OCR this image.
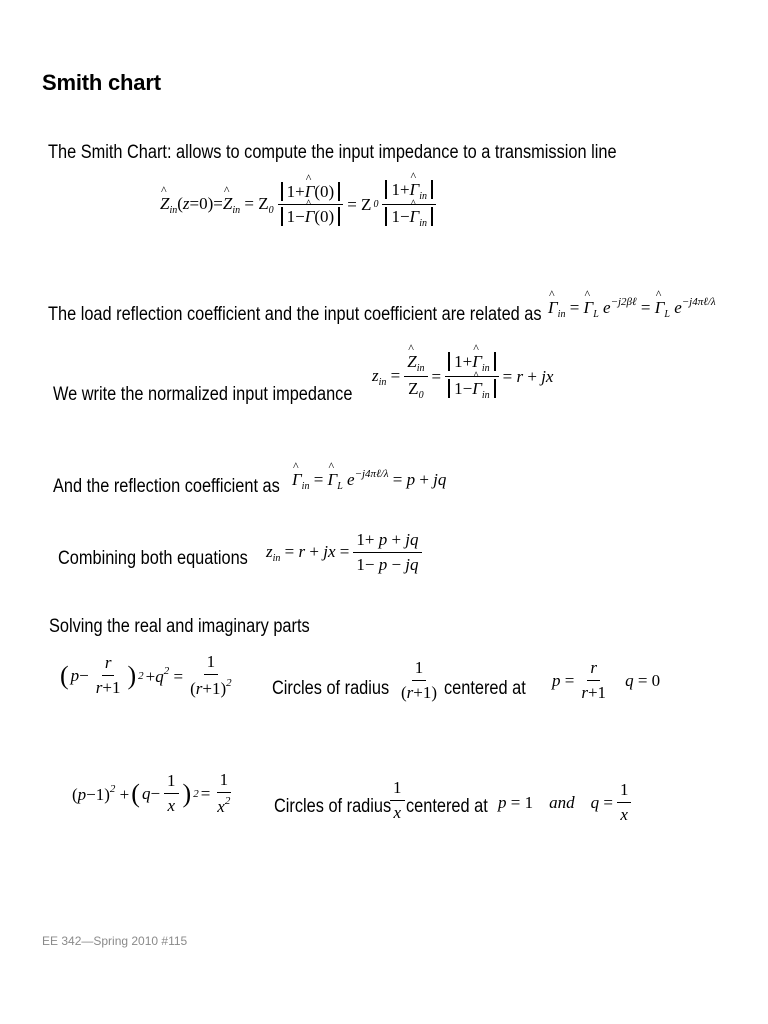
Smith chart
The Smith Chart: allows to compute the input impedance to a transmission line
^ $Z_{in}(z=0)=\^{}$ $Z_{in} = Z_0 \frac{1+\^{} \Gamma(0)}{1-\^{} \Gamma(0)} = Z$ $0 \frac{1+\^{} \Gamma_{in}}{1-\^{} \Gamma_{in}}$
The load reflection coefficient and the input coefficient are related as ^ $\Gamma_{in}$ = ^ $\Gamma_L$ $e^{-j2\beta\ell}$ = ^ $\Gamma_L$ $e^{-j4\pi\ell/\lambda}$
We write the normalized input impedance
$z_{in}$ = ^ $\frac{Z_{in}}{Z_0} = \frac{1+\^{} \Gamma_{in}}{1-\^{} \Gamma_{in}} = r$ + jx
And the reflection coefficient as ^ $\Gamma_{in}$ = ^ $\Gamma_L$ $e^{-j4\pi\ell/\lambda} = p$ + jq
Combining both equations $z_{in} = r$ + jx = $\frac{1+ p + jq}{1- p - jq}$
Solving the real and imaginary parts
( $p- \frac{r}{r+1}$ ) $2 +q^2 = \frac{1}{(r+1)^2}$ Circles of radius $\frac{1}{(r+1)}$ centered at $p = \frac{r}{r+1}$ q = 0
$(p-1)^2$ + ( $q- \frac{1}{x}$ ) $2 = \frac{1}{x^2}$ Circles of radius
$\frac{1}{x}$ centered at p = 1 and $q = \frac{1}{x}$
EE 342—Spring 2010 #115
